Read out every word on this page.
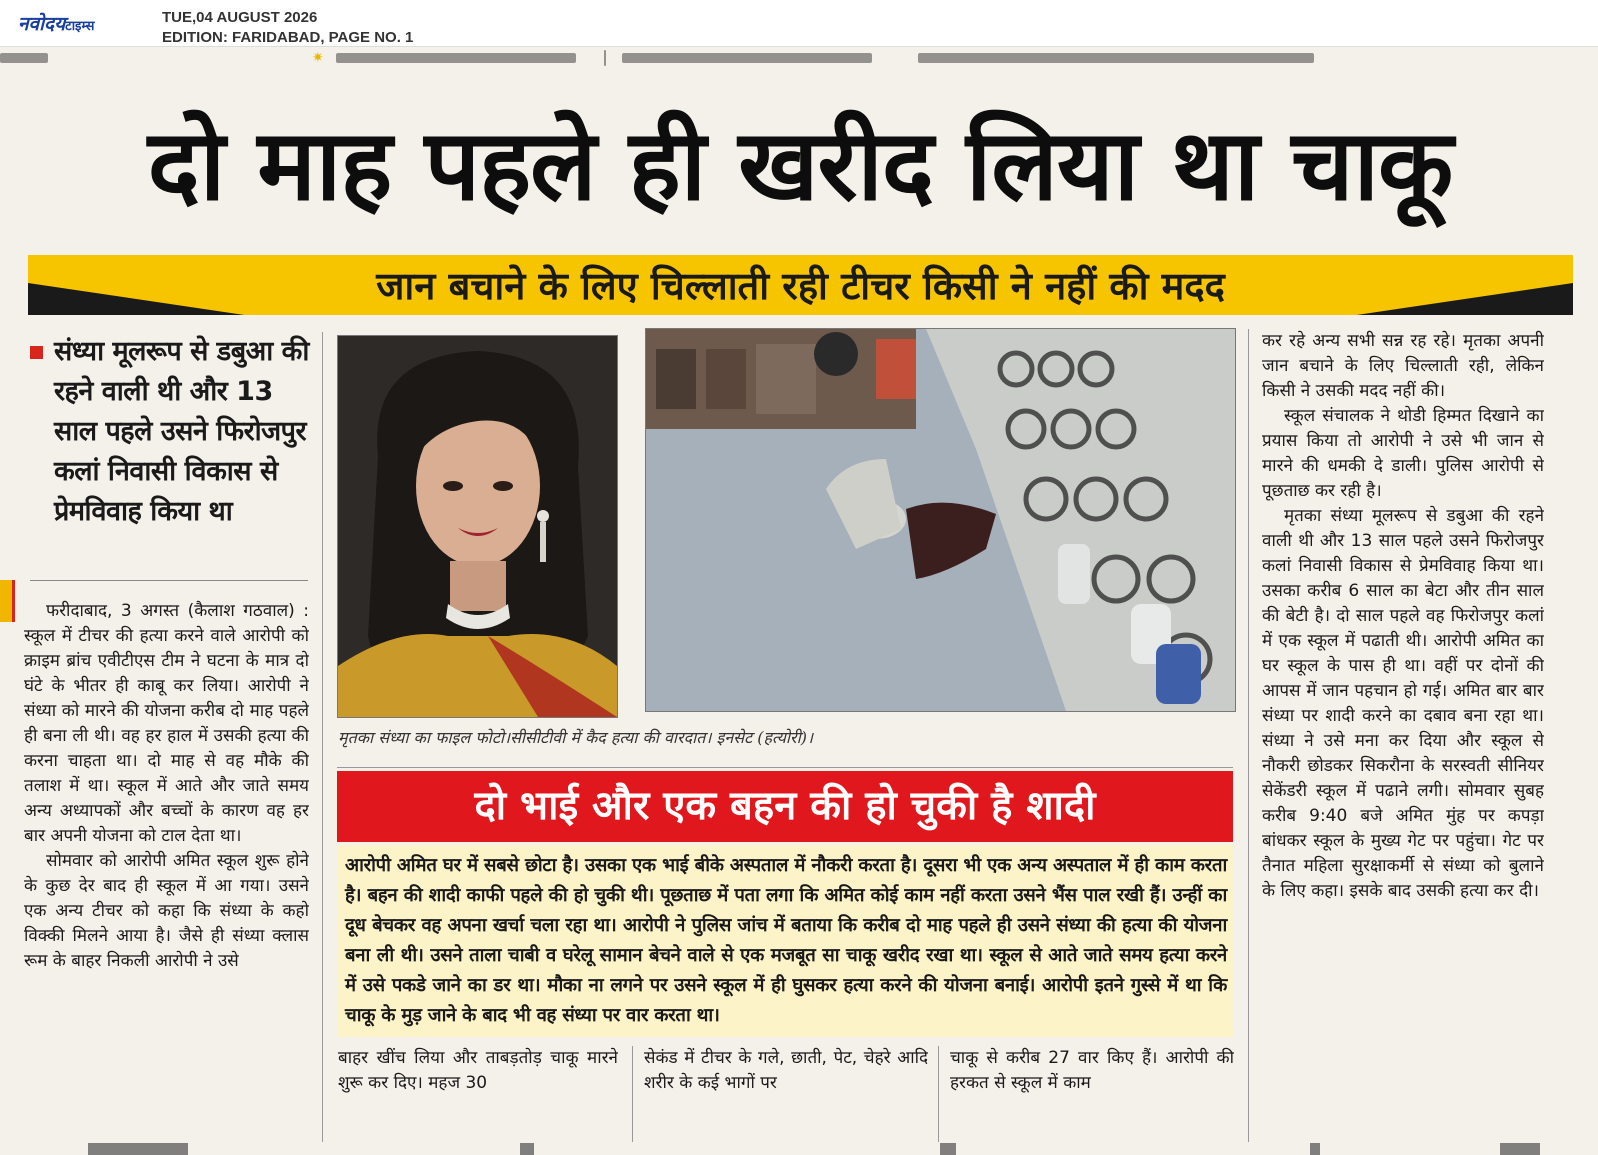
नवोदयटाइम्स
TUE,04 AUGUST 2026
EDITION: FARIDABAD, PAGE NO. 1
✷
दो माह पहले ही खरीद लिया था चाकू
जान बचाने के लिए चिल्लाती रही टीचर किसी ने नहीं की मदद
संध्या मूलरूप से डबुआ की रहने वाली थी और 13 साल पहले उसने फिरोजपुर कलां निवासी विकास से प्रेमविवाह किया था

फरीदाबाद, 3 अगस्त (कैलाश गठवाल) : स्कूल में टीचर की हत्या करने वाले आरोपी को क्राइम ब्रांच एवीटीएस टीम ने घटना के मात्र दो घंटे के भीतर ही काबू कर लिया। आरोपी ने संध्या को मारने की योजना करीब दो माह पहले ही बना ली थी। वह हर हाल में उसकी हत्या की करना चाहता था। दो माह से वह मौके की तलाश में था। स्कूल में आते और जाते समय अन्य अध्यापकों और बच्चों के कारण वह हर बार अपनी योजना को टाल देता था।

सोमवार को आरोपी अमित स्कूल शुरू होने के कुछ देर बाद ही स्कूल में आ गया। उसने एक अन्य टीचर को कहा कि संध्या के कहो विक्की मिलने आया है। जैसे ही संध्या क्लास रूम के बाहर निकली आरोपी ने उसे

मृतका संध्या का फाइल फोटो।सीसीटीवी में कैद हत्या की वारदात। इनसेट (हत्योरी)।
दो भाई और एक बहन की हो चुकी है शादी
आरोपी अमित घर में सबसे छोटा है। उसका एक भाई बीके अस्पताल में नौकरी करता है। दूसरा भी एक अन्य अस्पताल में ही काम करता है। बहन की शादी काफी पहले की हो चुकी थी। पूछताछ में पता लगा कि अमित कोई काम नहीं करता उसने भैंस पाल रखी हैं। उन्हीं का दूध बेचकर वह अपना खर्चा चला रहा था। आरोपी ने पुलिस जांच में बताया कि करीब दो माह पहले ही उसने संध्या की हत्या की योजना बना ली थी। उसने ताला चाबी व घरेलू सामान बेचने वाले से एक मजबूत सा चाकू खरीद रखा था। स्कूल से आते जाते समय हत्या करने में उसे पकडे जाने का डर था। मौका ना लगने पर उसने स्कूल में ही घुसकर हत्या करने की योजना बनाई। आरोपी इतने गुस्से में था कि चाकू के मुड़ जाने के बाद भी वह संध्या पर वार करता था।

बाहर खींच लिया और ताबड़तोड़ चाकू मारने शुरू कर दिए। महज 30

सेकंड में टीचर के गले, छाती, पेट, चेहरे आदि शरीर के कई भागों पर

चाकू से करीब 27 वार किए हैं। आरोपी की हरकत से स्कूल में काम

कर रहे अन्य सभी सन्न रह रहे। मृतका अपनी जान बचाने के लिए चिल्लाती रही, लेकिन किसी ने उसकी मदद नहीं की।

स्कूल संचालक ने थोडी हिम्मत दिखाने का प्रयास किया तो आरोपी ने उसे भी जान से मारने की धमकी दे डाली। पुलिस आरोपी से पूछताछ कर रही है।

मृतका संध्या मूलरूप से डबुआ की रहने वाली थी और 13 साल पहले उसने फिरोजपुर कलां निवासी विकास से प्रेमविवाह किया था। उसका करीब 6 साल का बेटा और तीन साल की बेटी है। दो साल पहले वह फिरोजपुर कलां में एक स्कूल में पढाती थी। आरोपी अमित का घर स्कूल के पास ही था। वहीं पर दोनों की आपस में जान पहचान हो गई। अमित बार बार संध्या पर शादी करने का दबाव बना रहा था। संध्या ने उसे मना कर दिया और स्कूल से नौकरी छोडकर सिकरौना के सरस्वती सीनियर सेकेंडरी स्कूल में पढाने लगी। सोमवार सुबह करीब 9:40 बजे अमित मुंह पर कपड़ा बांधकर स्कूल के मुख्य गेट पर पहुंचा। गेट पर तैनात महिला सुरक्षाकर्मी से संध्या को बुलाने के लिए कहा। इसके बाद उसकी हत्या कर दी।
